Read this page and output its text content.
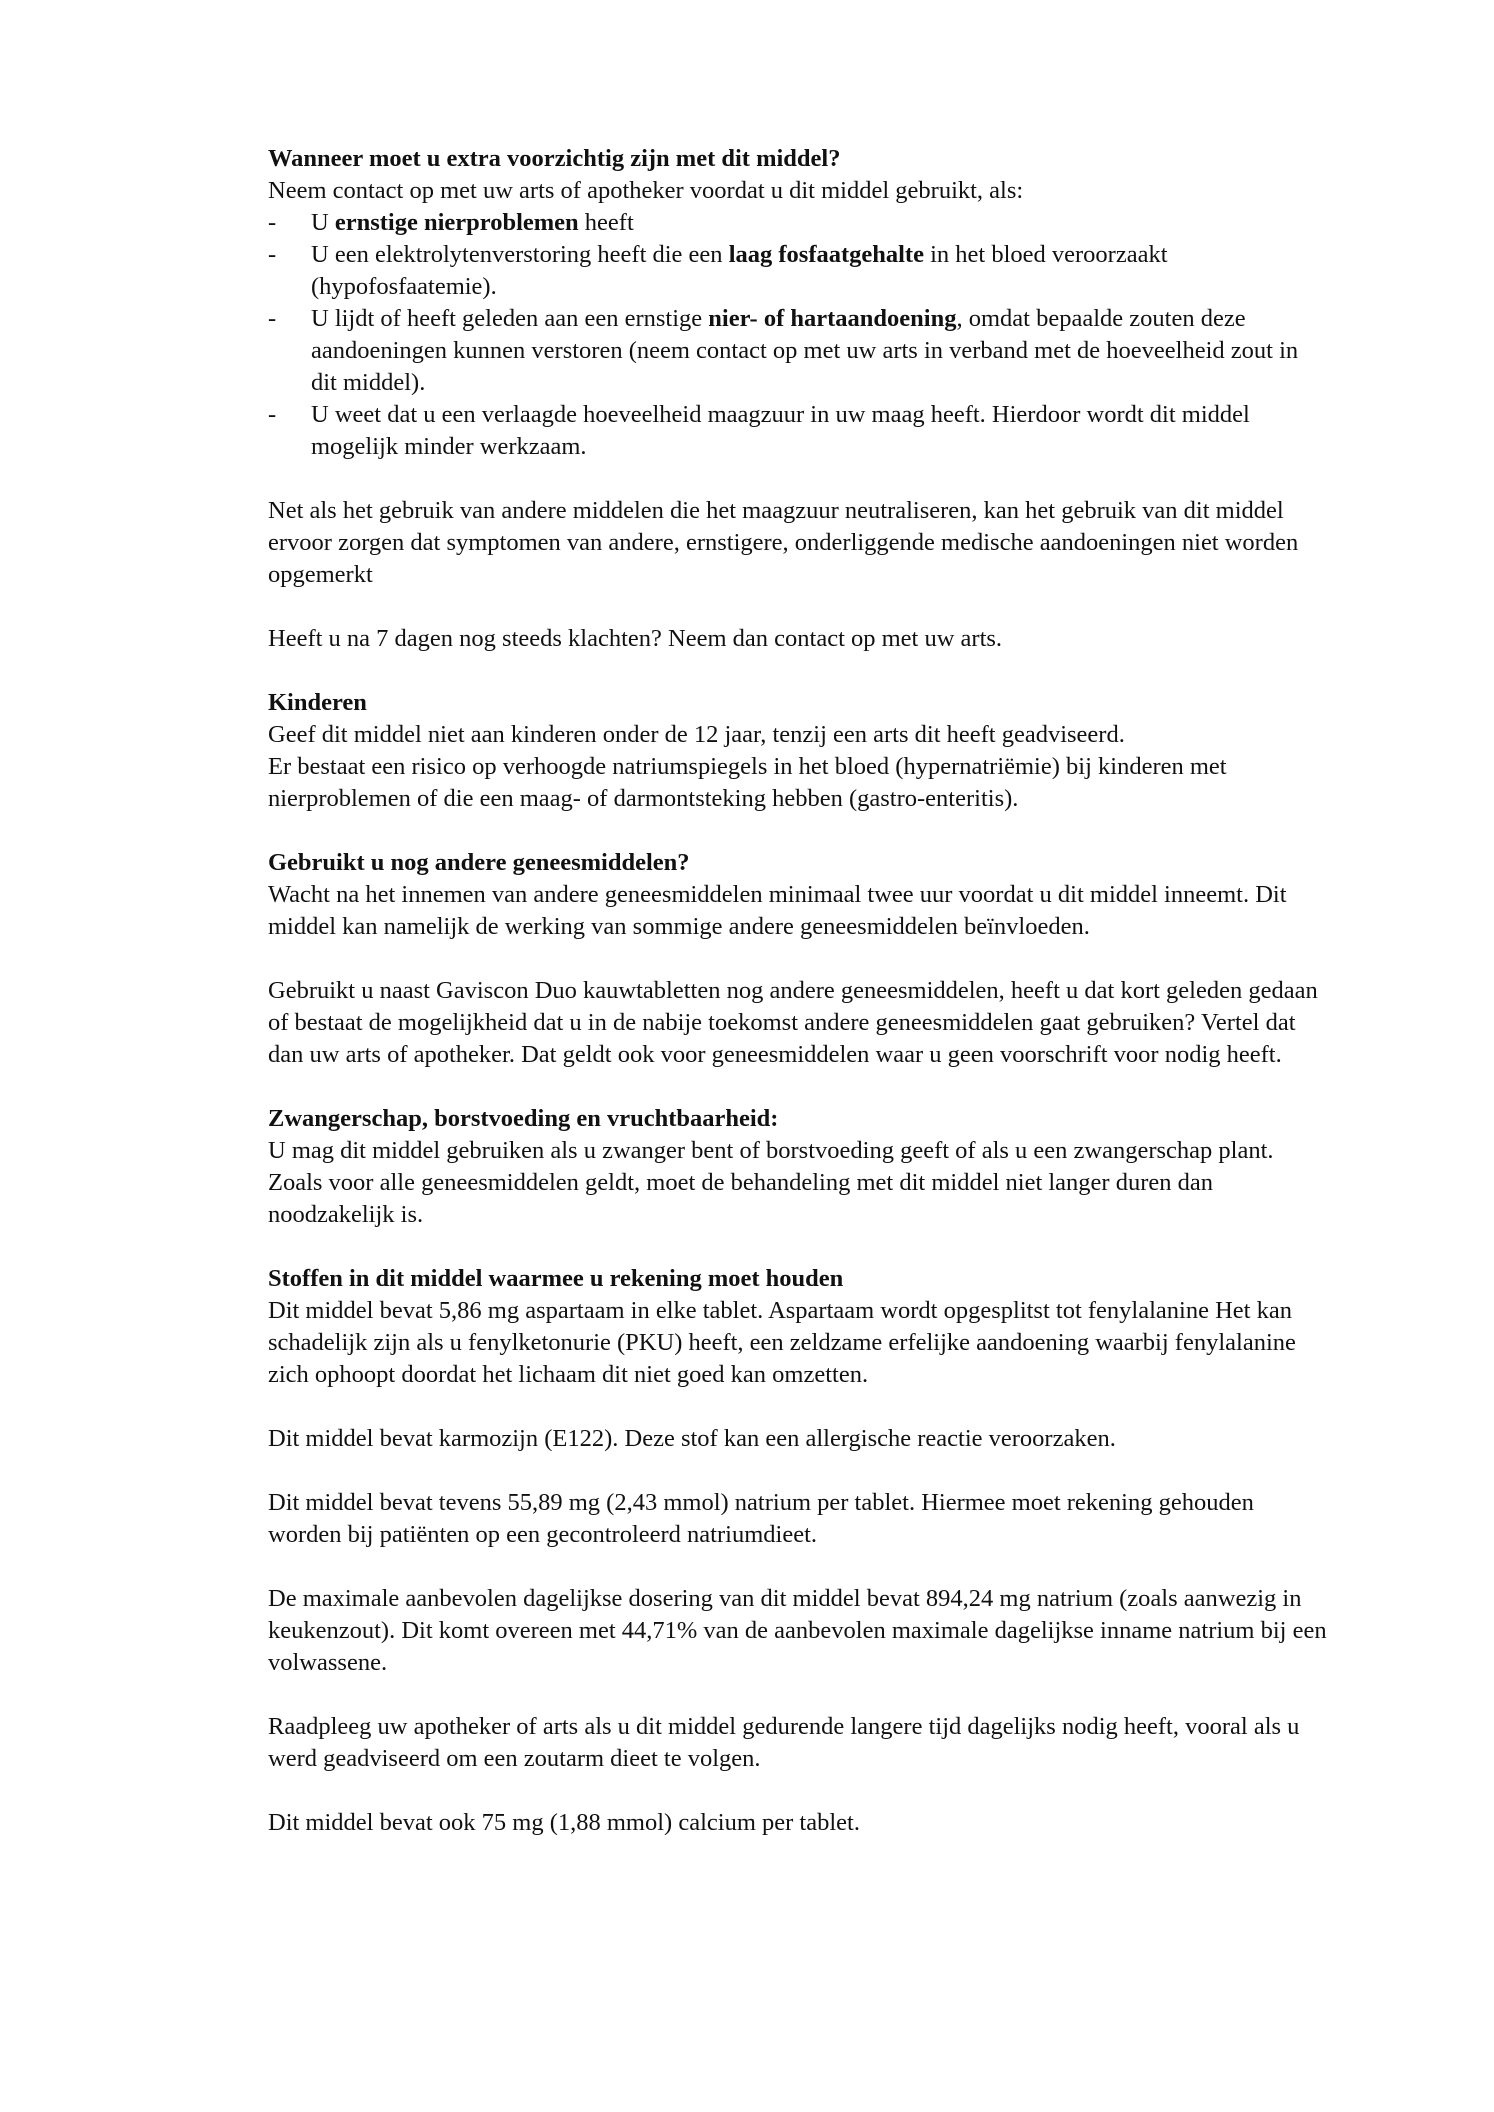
Wanneer moet u extra voorzichtig zijn met dit middel?

Neem contact op met uw arts of apotheker voordat u dit middel gebruikt, als:

- U ernstige nierproblemen heeft
- U een elektrolytenverstoring heeft die een laag fosfaatgehalte in het bloed veroorzaakt (hypofosfaatemie).
- U lijdt of heeft geleden aan een ernstige nier- of hartaandoening, omdat bepaalde zouten deze aandoeningen kunnen verstoren (neem contact op met uw arts in verband met de hoeveelheid zout in dit middel).
- U weet dat u een verlaagde hoeveelheid maagzuur in uw maag heeft. Hierdoor wordt dit middel mogelijk minder werkzaam.

Net als het gebruik van andere middelen die het maagzuur neutraliseren, kan het gebruik van dit middel ervoor zorgen dat symptomen van andere, ernstigere, onderliggende medische aandoeningen niet worden opgemerkt

Heeft u na 7 dagen nog steeds klachten? Neem dan contact op met uw arts.

Kinderen

Geef dit middel niet aan kinderen onder de 12 jaar, tenzij een arts dit heeft geadviseerd.

Er bestaat een risico op verhoogde natriumspiegels in het bloed (hypernatriëmie) bij kinderen met nierproblemen of die een maag- of darmontsteking hebben (gastro-enteritis).

Gebruikt u nog andere geneesmiddelen?

Wacht na het innemen van andere geneesmiddelen minimaal twee uur voordat u dit middel inneemt. Dit middel kan namelijk de werking van sommige andere geneesmiddelen beïnvloeden.

Gebruikt u naast Gaviscon Duo kauwtabletten nog andere geneesmiddelen, heeft u dat kort geleden gedaan of bestaat de mogelijkheid dat u in de nabije toekomst andere geneesmiddelen gaat gebruiken? Vertel dat dan uw arts of apotheker. Dat geldt ook voor geneesmiddelen waar u geen voorschrift voor nodig heeft.

Zwangerschap, borstvoeding en vruchtbaarheid:

U mag dit middel gebruiken als u zwanger bent of borstvoeding geeft of als u een zwangerschap plant. Zoals voor alle geneesmiddelen geldt, moet de behandeling met dit middel niet langer duren dan noodzakelijk is.

Stoffen in dit middel waarmee u rekening moet houden

Dit middel bevat 5,86 mg aspartaam in elke tablet. Aspartaam wordt opgesplitst tot fenylalanine Het kan schadelijk zijn als u fenylketonurie (PKU) heeft, een zeldzame erfelijke aandoening waarbij fenylalanine zich ophoopt doordat het lichaam dit niet goed kan omzetten.

Dit middel bevat karmozijn (E122). Deze stof kan een allergische reactie veroorzaken.

Dit middel bevat tevens 55,89 mg (2,43 mmol) natrium per tablet. Hiermee moet rekening gehouden worden bij patiënten op een gecontroleerd natriumdieet.

De maximale aanbevolen dagelijkse dosering van dit middel bevat 894,24 mg natrium (zoals aanwezig in keukenzout). Dit komt overeen met 44,71% van de aanbevolen maximale dagelijkse inname natrium bij een volwassene.

Raadpleeg uw apotheker of arts als u dit middel gedurende langere tijd dagelijks nodig heeft, vooral als u werd geadviseerd om een zoutarm dieet te volgen.

Dit middel bevat ook 75 mg (1,88 mmol) calcium per tablet.
